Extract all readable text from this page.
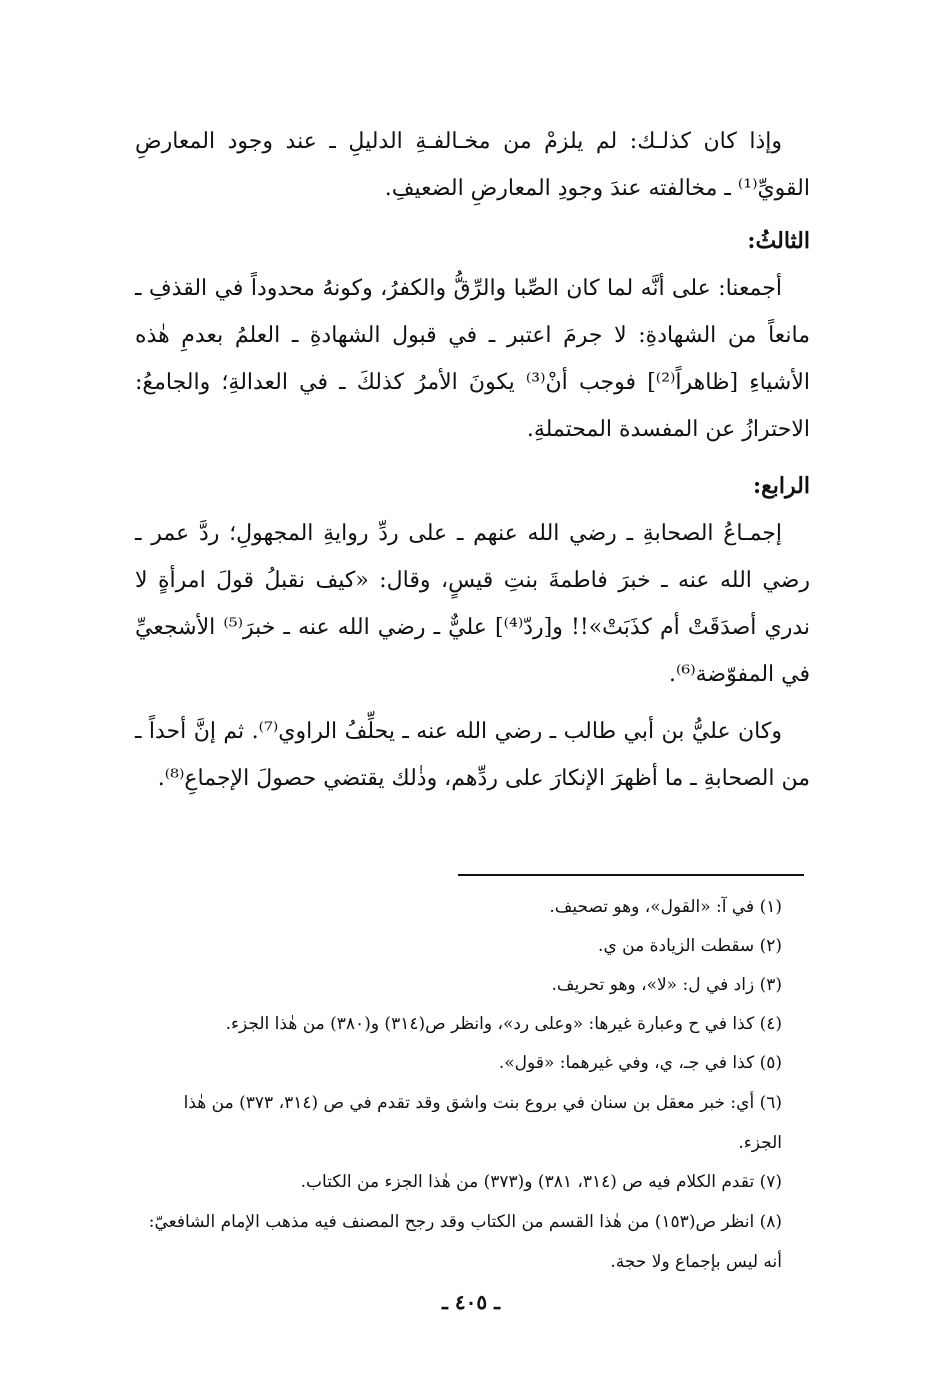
وإذا كان كذلـك: لم يلزمْ من مخـالفـةِ الدليلِ ـ عند وجود المعارضِ القويِّ⁽¹⁾ ـ مخالفته عندَ وجودِ المعارضِ الضعيفِ.

الثالثُ:

أجمعنا: على أنَّه لما كان الصِّبا والرِّقُّ والكفرُ، وكونهُ محدوداً في القذفِ ـ مانعاً من الشهادةِ: لا جرمَ اعتبر ـ في قبول الشهادةِ ـ العلمُ بعدمِ هٰذه الأشياءِ [ظاهراً⁽²⁾] فوجب أنْ⁽³⁾ يكونَ الأمرُ كذلكَ ـ في العدالةِ؛ والجامعُ: الاحترازُ عن المفسدة المحتملةِ.

الرابع:

إجمـاعُ الصحابةِ ـ رضي الله عنهم ـ على ردِّ روايةِ المجهولِ؛ ردَّ عمر ـ رضي الله عنه ـ خبرَ فاطمةَ بنتِ قيسٍ، وقال: «كيف نقبلُ قولَ امرأةٍ لا ندري أصدَقَتْ أم كذَبَتْ»!! و[ردّ⁽⁴⁾] عليٌّ ـ رضي الله عنه ـ خبرَ⁽⁵⁾ الأشجعيِّ في المفوّضة⁽⁶⁾.

وكان عليُّ بن أبي طالب ـ رضي الله عنه ـ يحلِّفُ الراوي⁽⁷⁾. ثم إنَّ أحداً ـ من الصحابةِ ـ ما أظهرَ الإنكارَ على ردِّهم، وذٰلك يقتضي حصولَ الإجماعِ⁽⁸⁾.

(١) في آ: «القول»، وهو تصحيف.

(٢) سقطت الزيادة من ي.

(٣) زاد في ل: «لا»، وهو تحريف.

(٤) كذا في ح وعبارة غيرها: «وعلى رد»، وانظر ص(٣١٤) و(٣٨٠) من هٰذا الجزء.

(٥) كذا في جـ، ي، وفي غيرهما: «قول».

(٦) أي: خبر معقل بن سنان في بروع بنت واشق وقد تقدم في ص (٣١٤، ٣٧٣) من هٰذا الجزء.

(٧) تقدم الكلام فيه ص (٣١٤، ٣٨١) و(٣٧٣) من هٰذا الجزء من الكتاب.

(٨) انظر ص(١٥٣) من هٰذا القسم من الكتاب وقد رجح المصنف فيه مذهب الإمام الشافعيّ: أنه ليس بإجماع ولا حجة.

ـ ٤٠٥ ـ
